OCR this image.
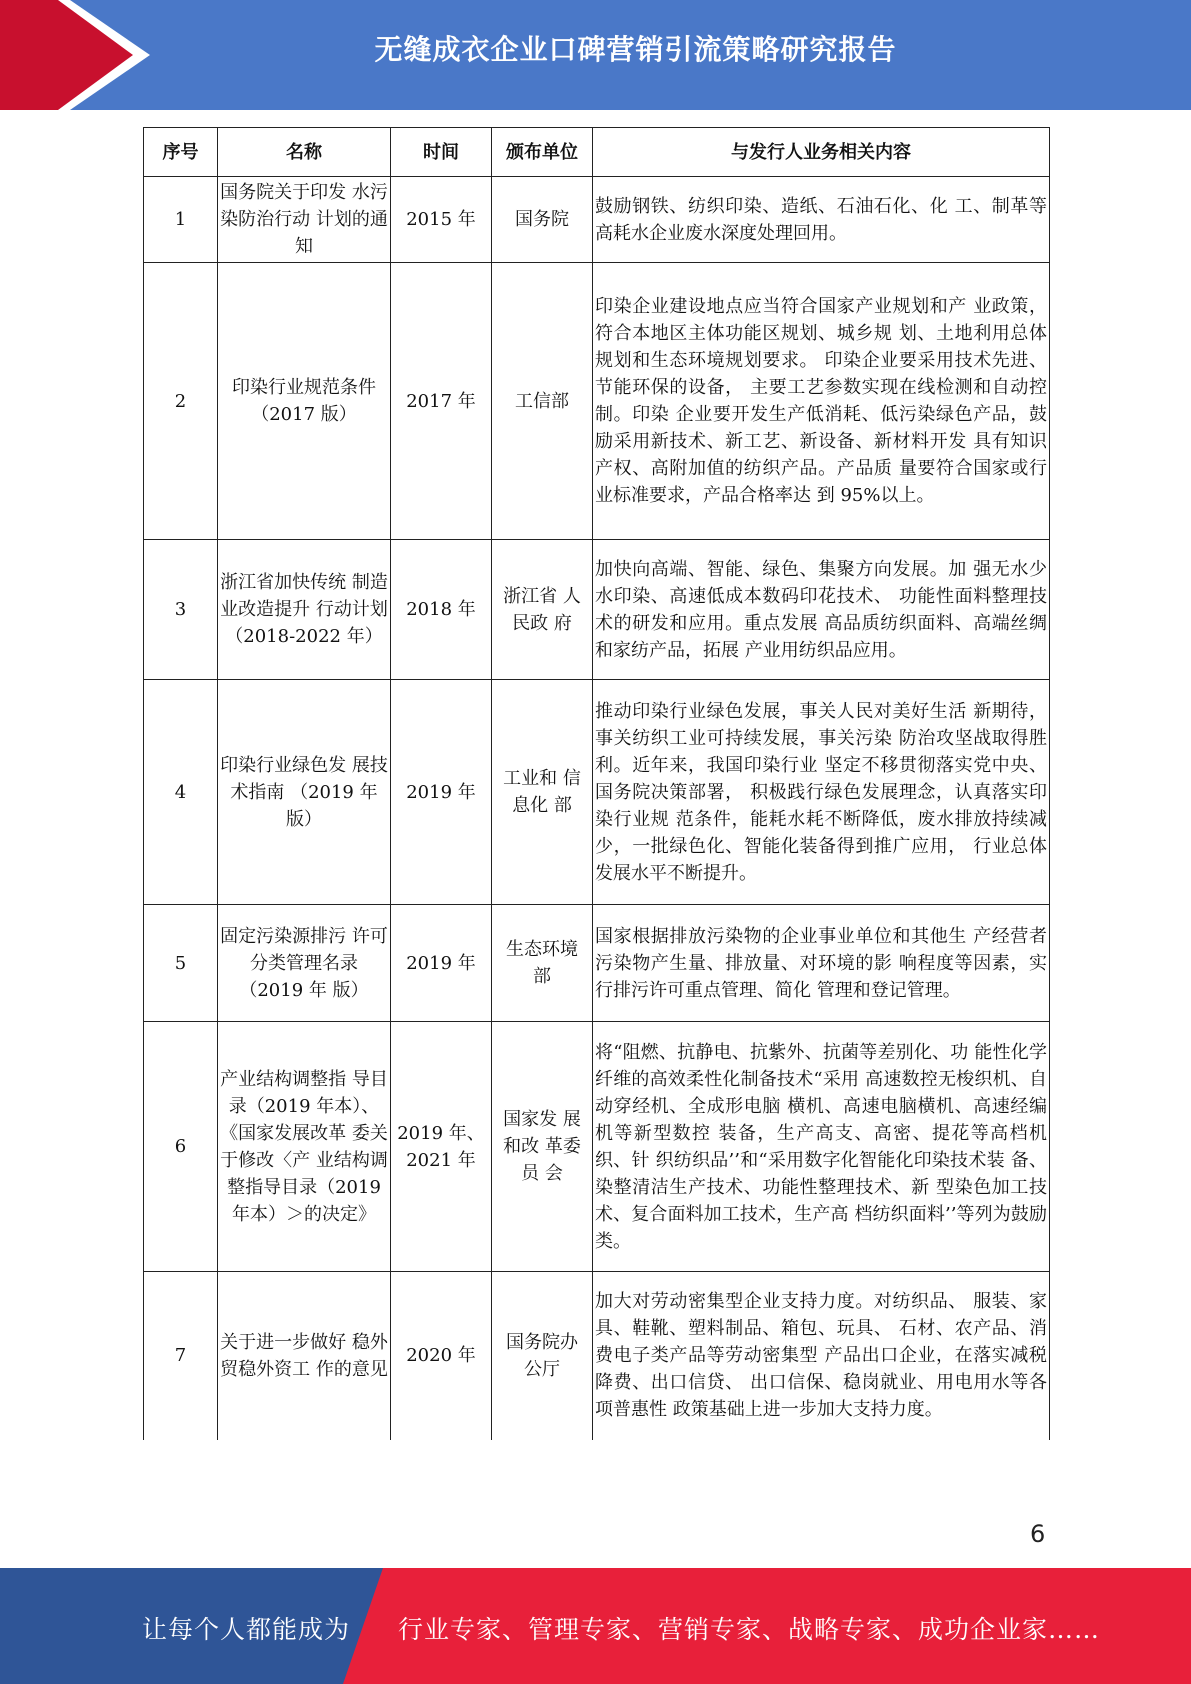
无缝成衣企业口碑营销引流策略研究报告
序号	名称	时间	颁布单位	与发行人业务相关内容
1	国务院关于印发 水污染防治行动 计划的通知	2015 年	国务院	鼓励钢铁、纺织印染、造纸、石油石化、化 工、制革等高耗水企业废水深度处理回用。
2	印染行业规范条件（2017 版）	2017 年	工信部	印染企业建设地点应当符合国家产业规划和产 业政策，符合本地区主体功能区规划、城乡规 划、土地利用总体规划和生态环境规划要求。 印染企业要采用技术先进、节能环保的设备， 主要工艺参数实现在线检测和自动控制。印染 企业要开发生产低消耗、低污染绿色产品，鼓 励采用新技术、新工艺、新设备、新材料开发 具有知识产权、高附加值的纺织产品。产品质 量要符合国家或行业标准要求，产品合格率达 到 95%以上。
3	浙江省加快传统 制造业改造提升 行动计划 （2018-2022 年）	2018 年	浙江省 人民政 府	加快向高端、智能、绿色、集聚方向发展。加 强无水少水印染、高速低成本数码印花技术、 功能性面料整理技术的研发和应用。重点发展 高品质纺织面料、高端丝绸和家纺产品，拓展 产业用纺织品应用。
4	印染行业绿色发 展技术指南 （2019 年版）	2019 年	工业和 信息化 部	推动印染行业绿色发展，事关人民对美好生活 新期待，事关纺织工业可持续发展，事关污染 防治攻坚战取得胜利。近年来，我国印染行业 坚定不移贯彻落实党中央、国务院决策部署， 积极践行绿色发展理念，认真落实印染行业规 范条件，能耗水耗不断降低，废水排放持续减 少，一批绿色化、智能化装备得到推广应用， 行业总体发展水平不断提升。
5	固定污染源排污 许可分类管理名录（2019 年 版）	2019 年	生态环境部	国家根据排放污染物的企业事业单位和其他生 产经营者污染物产生量、排放量、对环境的影 响程度等因素，实行排污许可重点管理、简化 管理和登记管理。
6	产业结构调整指 导目录（2019 年本）、《国家发展改革 委关于修改〈产 业结构调整指导目录（2019 年本）＞的决定》	2019 年、2021 年	国家发 展和改 革委员 会	将“阻燃、抗静电、抗紫外、抗菌等差别化、功 能性化学纤维的高效柔性化制备技术“采用 高速数控无梭织机、自动穿经机、全成形电脑 横机、高速电脑横机、高速经编机等新型数控 装备，生产高支、高密、提花等高档机织、针 织纺织品’’和“采用数字化智能化印染技术装 备、染整清洁生产技术、功能性整理技术、新 型染色加工技术、复合面料加工技术，生产高 档纺织面料’’等列为鼓励类。
7	关于进一步做好 稳外贸稳外资工 作的意见	2020 年	国务院办公厅	加大对劳动密集型企业支持力度。对纺织品、 服装、家具、鞋靴、塑料制品、箱包、玩具、 石材、农产品、消费电子类产品等劳动密集型 产品出口企业，在落实减税降费、出口信贷、 出口信保、稳岗就业、用电用水等各项普惠性 政策基础上进一步加大支持力度。
6
让每个人都能成为 行业专家、管理专家、营销专家、战略专家、成功企业家……
